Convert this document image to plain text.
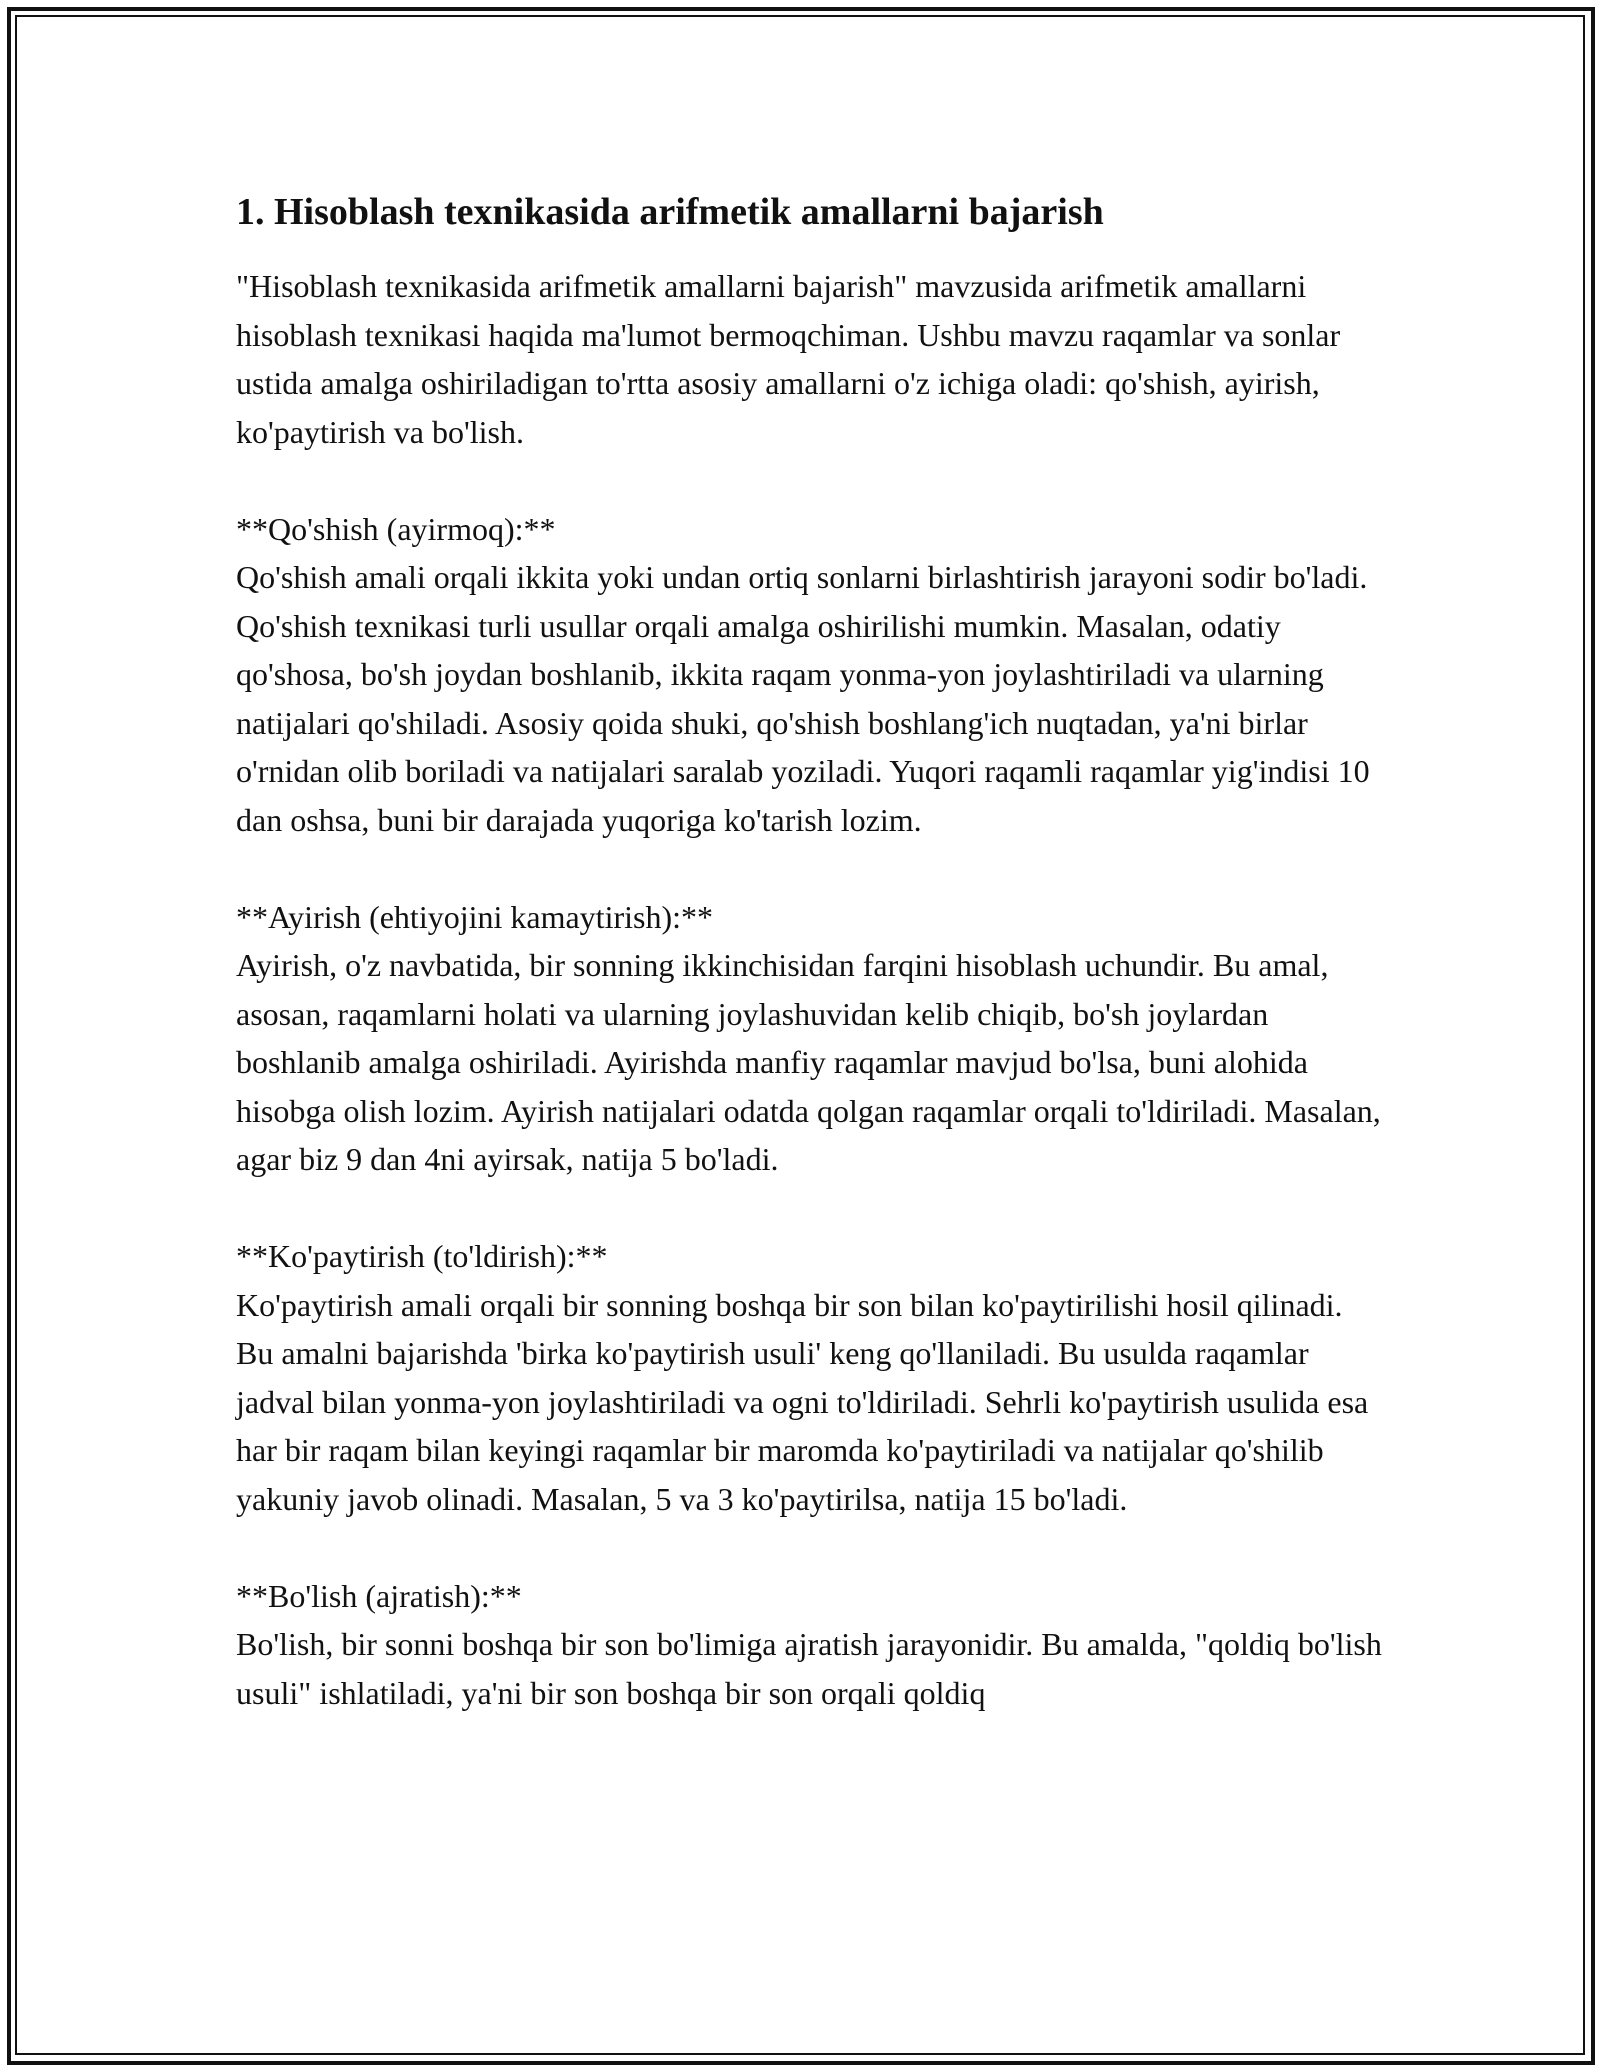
1. Hisoblash texnikasida arifmetik amallarni bajarish

"Hisoblash texnikasida arifmetik amallarni bajarish" mavzusida arifmetik amallarni hisoblash texnikasi haqida ma'lumot bermoqchiman. Ushbu mavzu raqamlar va sonlar ustida amalga oshiriladigan to'rtta asosiy amallarni o'z ichiga oladi: qo'shish, ayirish, ko'paytirish va bo'lish.

**Qo'shish (ayirmoq):**

Qo'shish amali orqali ikkita yoki undan ortiq sonlarni birlashtirish jarayoni sodir bo'ladi. Qo'shish texnikasi turli usullar orqali amalga oshirilishi mumkin. Masalan, odatiy qo'shosa, bo'sh joydan boshlanib, ikkita raqam yonma-yon joylashtiriladi va ularning natijalari qo'shiladi. Asosiy qoida shuki, qo'shish boshlang'ich nuqtadan, ya'ni birlar o'rnidan olib boriladi va natijalari saralab yoziladi. Yuqori raqamli raqamlar yig'indisi 10 dan oshsa, buni bir darajada yuqoriga ko'tarish lozim.

**Ayirish (ehtiyojini kamaytirish):**

Ayirish, o'z navbatida, bir sonning ikkinchisidan farqini hisoblash uchundir. Bu amal, asosan, raqamlarni holati va ularning joylashuvidan kelib chiqib, bo'sh joylardan boshlanib amalga oshiriladi. Ayirishda manfiy raqamlar mavjud bo'lsa, buni alohida hisobga olish lozim. Ayirish natijalari odatda qolgan raqamlar orqali to'ldiriladi. Masalan, agar biz 9 dan 4ni ayirsak, natija 5 bo'ladi.

**Ko'paytirish (to'ldirish):**

Ko'paytirish amali orqali bir sonning boshqa bir son bilan ko'paytirilishi hosil qilinadi. Bu amalni bajarishda 'birka ko'paytirish usuli' keng qo'llaniladi. Bu usulda raqamlar jadval bilan yonma-yon joylashtiriladi va ogni to'ldiriladi. Sehrli ko'paytirish usulida esa har bir raqam bilan keyingi raqamlar bir maromda ko'paytiriladi va natijalar qo'shilib yakuniy javob olinadi. Masalan, 5 va 3 ko'paytirilsa, natija 15 bo'ladi.

**Bo'lish (ajratish):**

Bo'lish, bir sonni boshqa bir son bo'limiga ajratish jarayonidir. Bu amalda, "qoldiq bo'lish usuli" ishlatiladi, ya'ni bir son boshqa bir son orqali qoldiq
